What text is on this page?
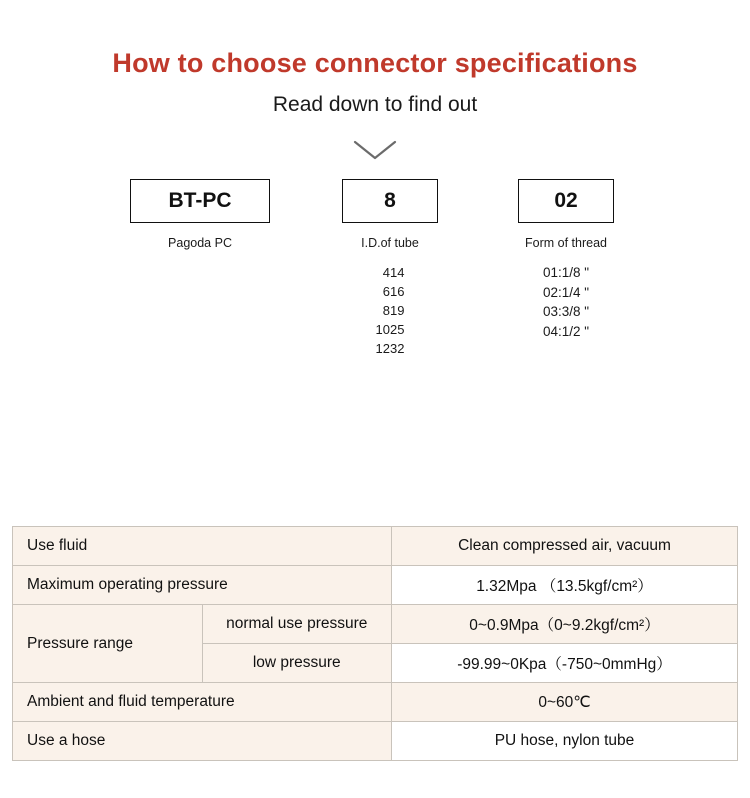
How to choose connector specifications
Read down to find out
BT-PC
Pagoda PC
8
I.D.of tube
4 14
6 16
8 19
10 25
12 32
02
Form of thread
01:1/8 "
02:1/4 "
03:3/8 "
04:1/2 "
Use fluid		Clean compressed air, vacuum
Maximum operating pressure		1.32Mpa （13.5kgf/cm²）
Pressure range	normal use pressure	0~0.9Mpa（0~9.2kgf/cm²）
	low pressure	-99.99~0Kpa（-750~0mmHg）
Ambient and fluid temperature		0~60℃
Use a hose		PU hose, nylon tube
